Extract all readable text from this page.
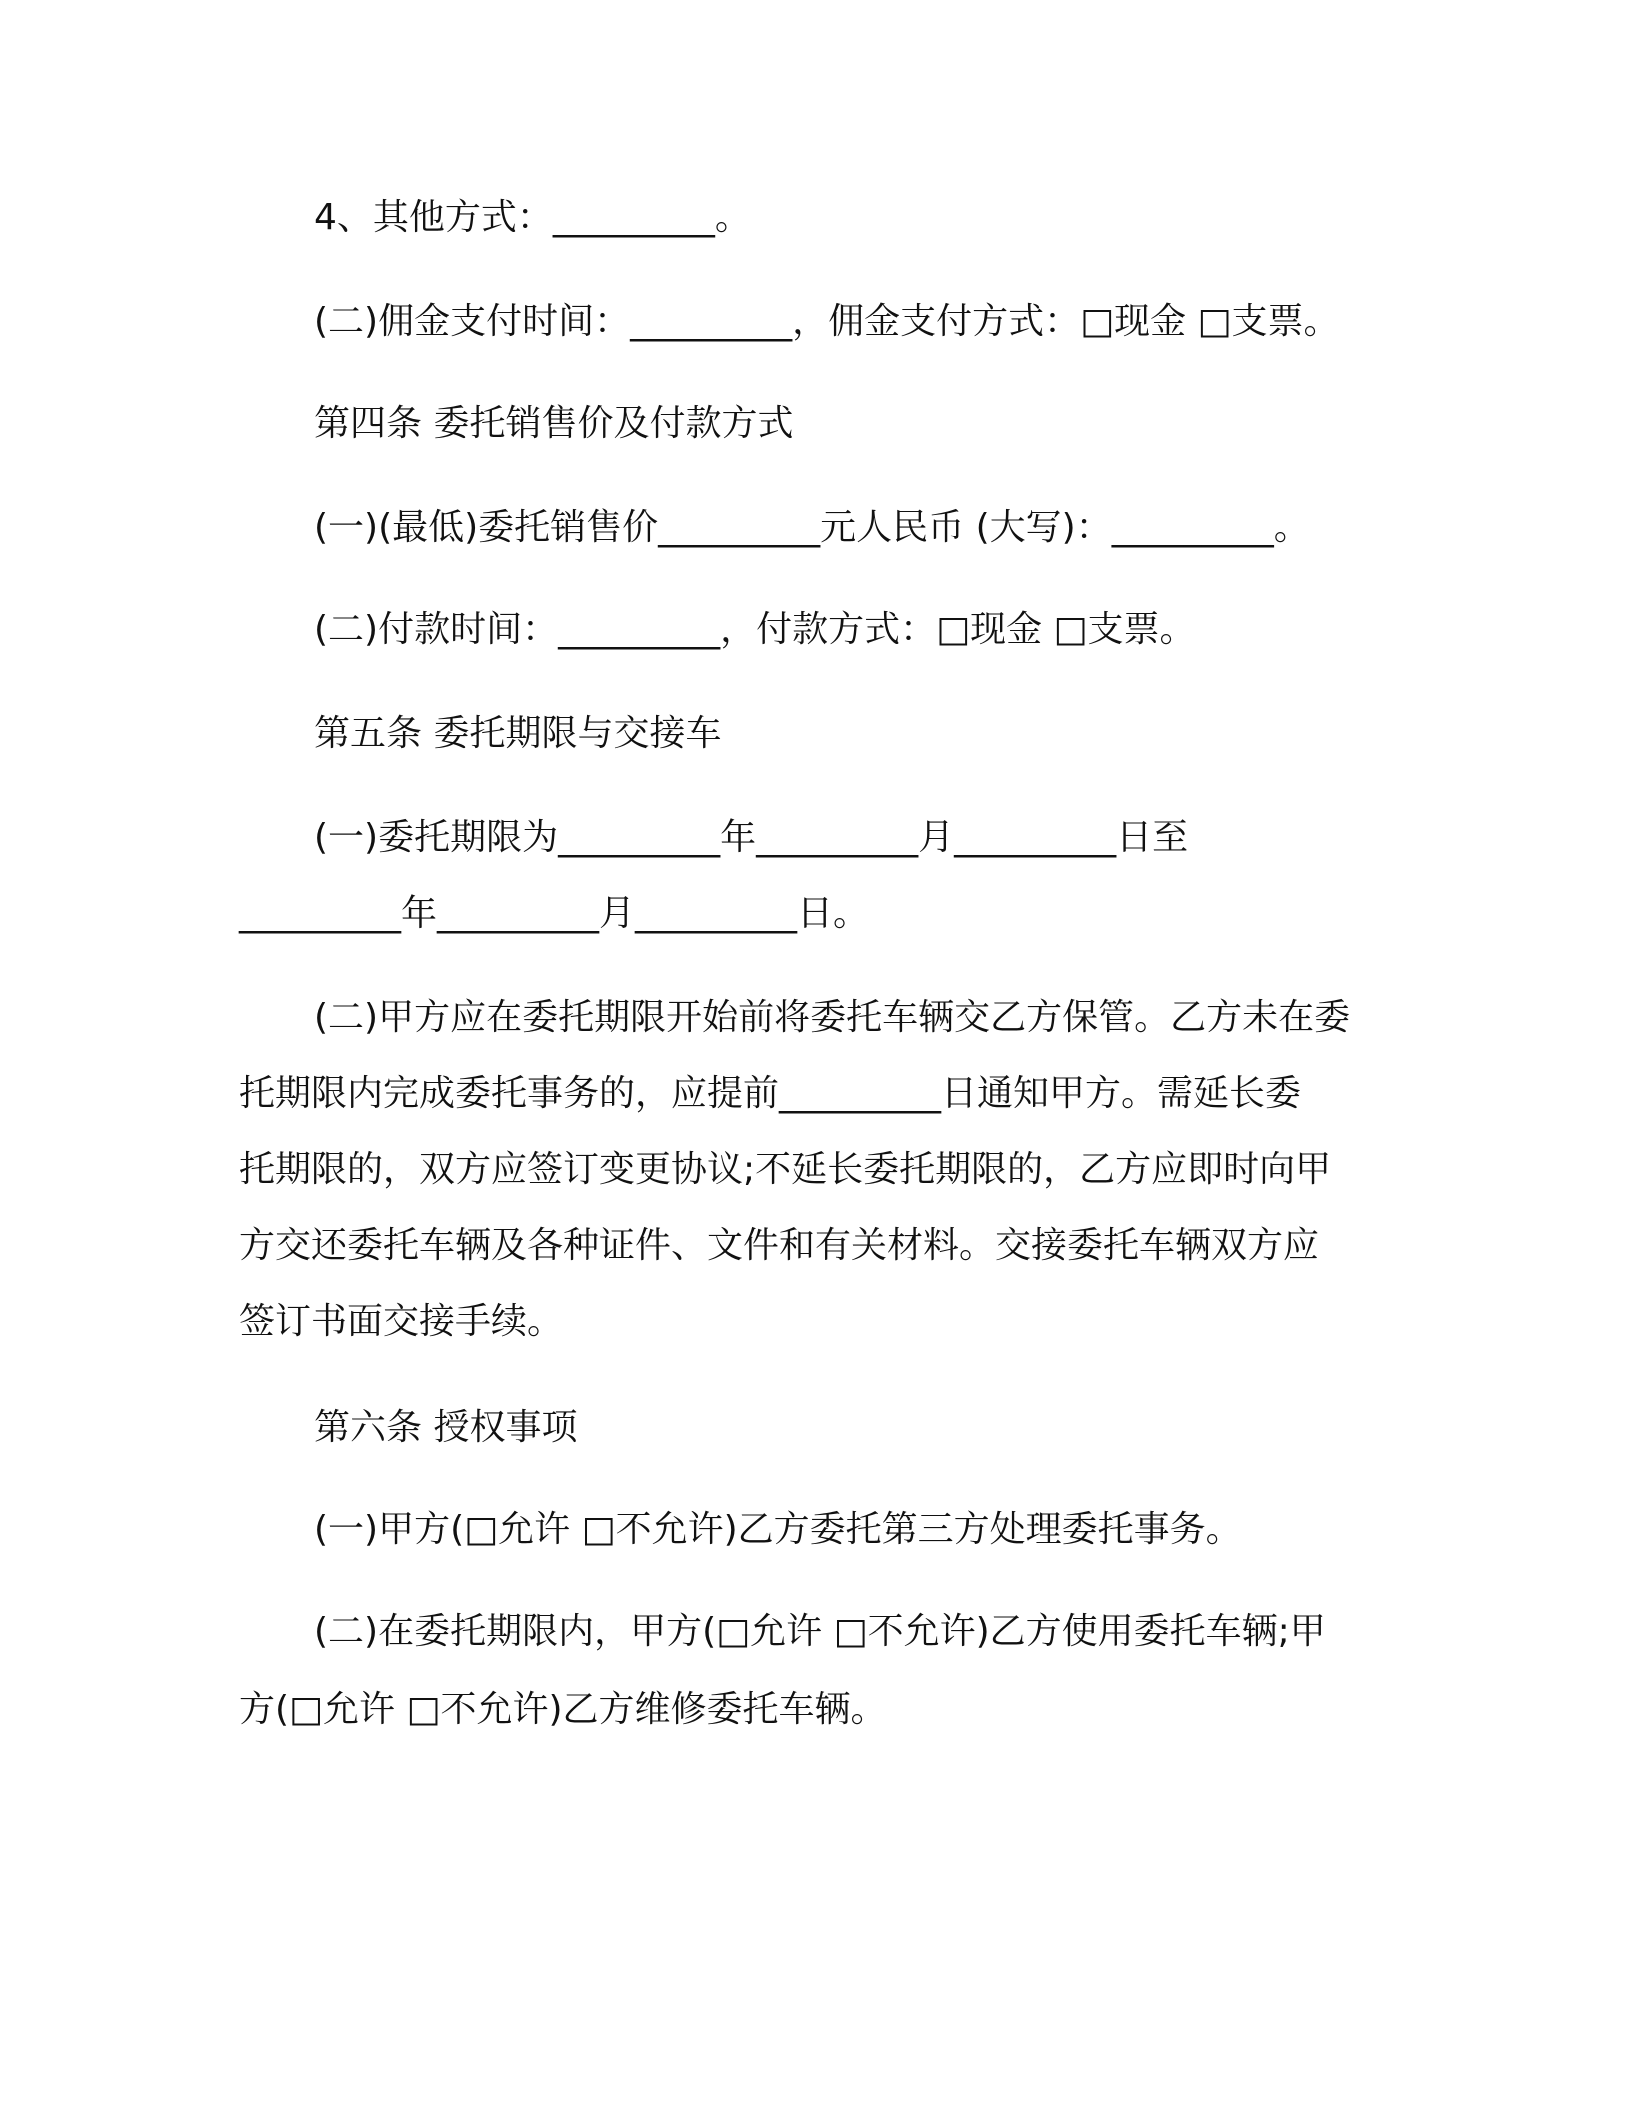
4、其他方式：_________。
(二)佣金支付时间：_________，佣金支付方式：□现金 □支票。
第四条 委托销售价及付款方式
(一)(最低)委托销售价_________元人民币 (大写)：_________。
(二)付款时间：_________，付款方式：□现金 □支票。
第五条 委托期限与交接车
(一)委托期限为_________年_________月_________日至
_________年_________月_________日。
(二)甲方应在委托期限开始前将委托车辆交乙方保管。乙方未在委
托期限内完成委托事务的，应提前_________日通知甲方。需延长委
托期限的，双方应签订变更协议;不延长委托期限的，乙方应即时向甲
方交还委托车辆及各种证件、文件和有关材料。交接委托车辆双方应
签订书面交接手续。
第六条 授权事项
(一)甲方(□允许 □不允许)乙方委托第三方处理委托事务。
(二)在委托期限内，甲方(□允许 □不允许)乙方使用委托车辆;甲
方(□允许 □不允许)乙方维修委托车辆。
